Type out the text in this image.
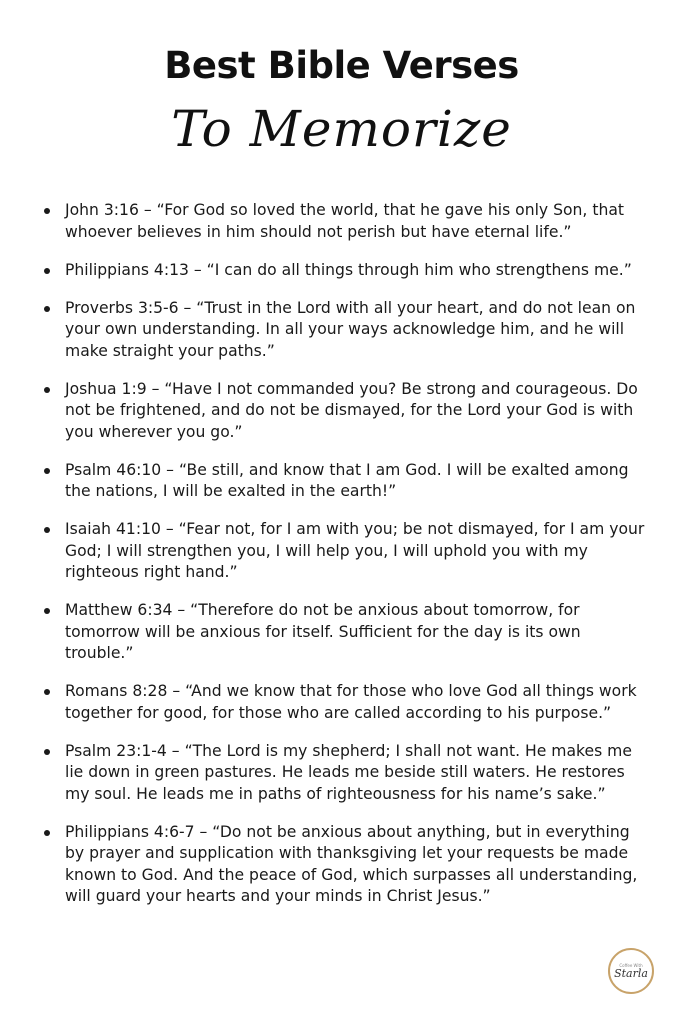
Best Bible Verses
To Memorize
John 3:16 – “For God so loved the world, that he gave his only Son, that whoever believes in him should not perish but have eternal life.”
Philippians 4:13 – “I can do all things through him who strengthens me.”
Proverbs 3:5-6 – “Trust in the Lord with all your heart, and do not lean on your own understanding. In all your ways acknowledge him, and he will make straight your paths.”
Joshua 1:9 – “Have I not commanded you? Be strong and courageous. Do not be frightened, and do not be dismayed, for the Lord your God is with you wherever you go.”
Psalm 46:10 – “Be still, and know that I am God. I will be exalted among the nations, I will be exalted in the earth!”
Isaiah 41:10 – “Fear not, for I am with you; be not dismayed, for I am your God; I will strengthen you, I will help you, I will uphold you with my righteous right hand.”
Matthew 6:34 – “Therefore do not be anxious about tomorrow, for tomorrow will be anxious for itself. Sufficient for the day is its own trouble.”
Romans 8:28 – “And we know that for those who love God all things work together for good, for those who are called according to his purpose.”
Psalm 23:1-4 – “The Lord is my shepherd; I shall not want. He makes me lie down in green pastures. He leads me beside still waters. He restores my soul. He leads me in paths of righteousness for his name’s sake.”
Philippians 4:6-7 – “Do not be anxious about anything, but in everything by prayer and supplication with thanksgiving let your requests be made known to God. And the peace of God, which surpasses all understanding, will guard your hearts and your minds in Christ Jesus.”
Coffee With
Starla
